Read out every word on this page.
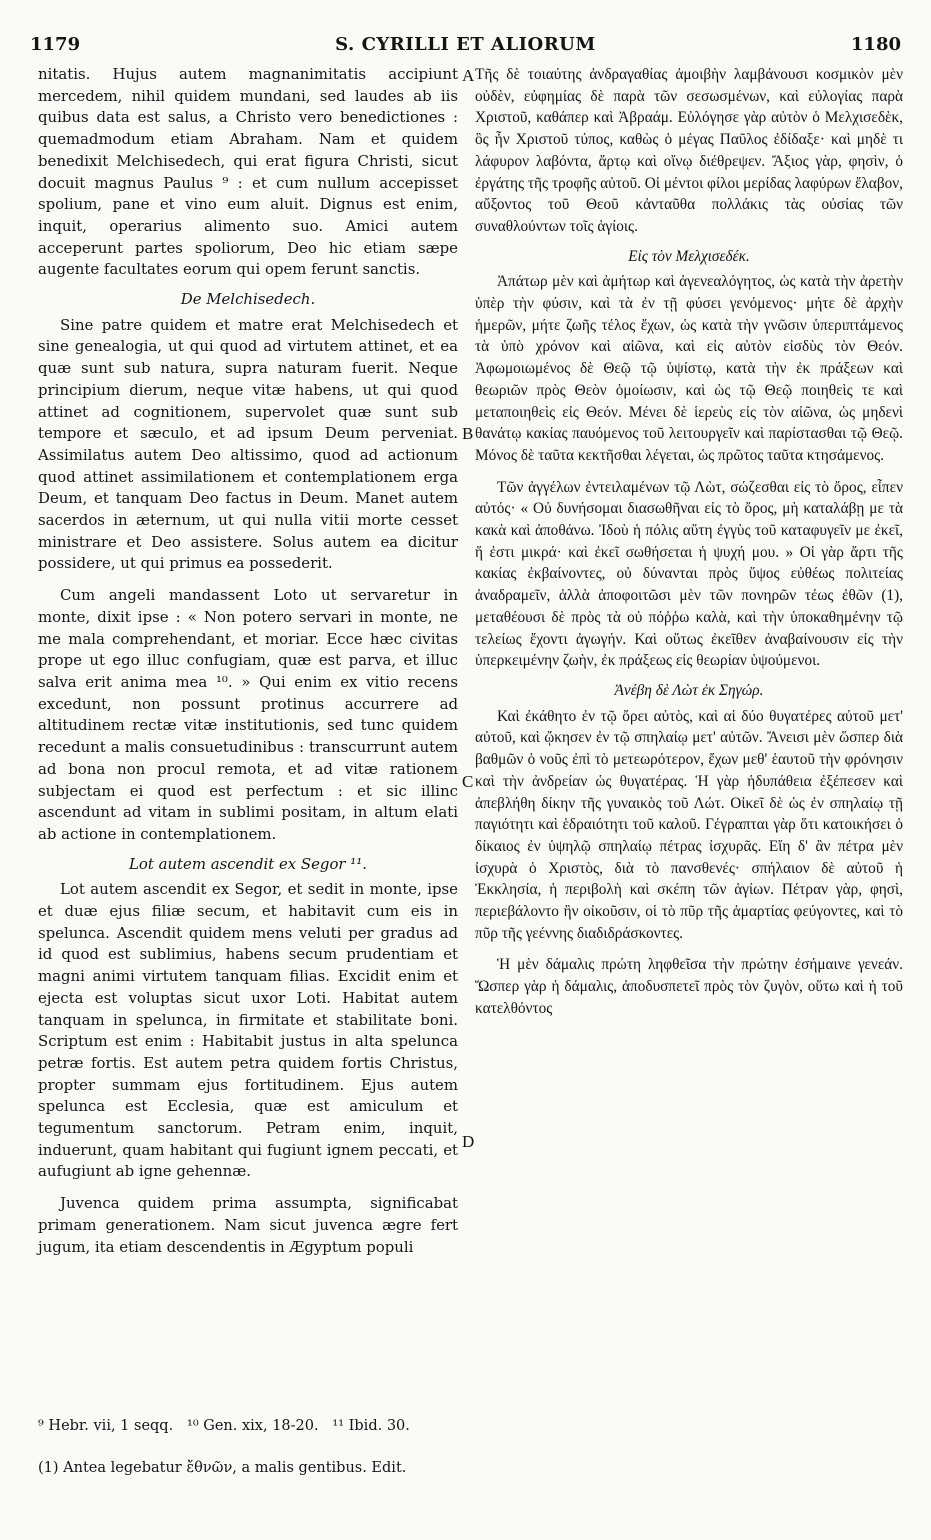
1179	S. CYRILLI ET ALIORUM	1180

nitatis. Hujus autem magnanimitatis accipiunt mercedem, nihil quidem mundani, sed laudes ab iis quibus data est salus, a Christo vero benedictiones : quemadmodum etiam Abraham. Nam et quidem benedixit Melchisedech, qui erat figura Christi, sicut docuit magnus Paulus ⁹ : et cum nullum accepisset spolium, pane et vino eum aluit. Dignus est enim, inquit, operarius alimento suo. Amici autem acceperunt partes spoliorum, Deo hic etiam sæpe augente facultates eorum qui opem ferunt sanctis.

De Melchisedech.

Sine patre quidem et matre erat Melchisedech et sine genealogia, ut qui quod ad virtutem attinet, et ea quæ sunt sub natura, supra naturam fuerit. Neque principium dierum, neque vitæ habens, ut qui quod attinet ad cognitionem, supervolet quæ sunt sub tempore et sæculo, et ad ipsum Deum perveniat. Assimilatus autem Deo altissimo, quod ad actionum quod attinet assimilationem et contemplationem erga Deum, et tanquam Deo factus in Deum. Manet autem sacerdos in æternum, ut qui nulla vitii morte cesset ministrare et Deo assistere. Solus autem ea dicitur possidere, ut qui primus ea possederit.

Cum angeli mandassent Loto ut servaretur in monte, dixit ipse : « Non potero servari in monte, ne me mala comprehendant, et moriar. Ecce hæc civitas prope ut ego illuc confugiam, quæ est parva, et illuc salva erit anima mea ¹⁰. » Qui enim ex vitio recens excedunt, non possunt protinus accurrere ad altitudinem rectæ vitæ institutionis, sed tunc quidem recedunt a malis consuetudinibus : transcurrunt autem ad bona non procul remota, et ad vitæ rationem subjectam ei quod est perfectum : et sic illinc ascendunt ad vitam in sublimi positam, in altum elati ab actione in contemplationem.

Lot autem ascendit ex Segor ¹¹.

Lot autem ascendit ex Segor, et sedit in monte, ipse et duæ ejus filiæ secum, et habitavit cum eis in spelunca. Ascendit quidem mens veluti per gradus ad id quod est sublimius, habens secum prudentiam et magni animi virtutem tanquam filias. Excidit enim et ejecta est voluptas sicut uxor Loti. Habitat autem tanquam in spelunca, in firmitate et stabilitate boni. Scriptum est enim : Habitabit justus in alta spelunca petræ fortis. Est autem petra quidem fortis Christus, propter summam ejus fortitudinem. Ejus autem spelunca est Ecclesia, quæ est amiculum et tegumentum sanctorum. Petram enim, inquit, induerunt, quam habitant qui fugiunt ignem peccati, et aufugiunt ab igne gehennæ.

Juvenca quidem prima assumpta, significabat primam generationem. Nam sicut juvenca ægre fert jugum, ita etiam descendentis in Ægyptum populi

A
B
C
D

Τῆς δὲ τοιαύτης ἀνδραγαθίας ἀμοιβὴν λαμβάνουσι κοσμικὸν μὲν οὐδὲν, εὐφημίας δὲ παρὰ τῶν σεσωσμένων, καὶ εὐλογίας παρὰ Χριστοῦ, καθάπερ καὶ Ἀβραάμ. Εὐλόγησε γὰρ αὐτὸν ὁ Μελχισεδὲκ, ὃς ἦν Χριστοῦ τύπος, καθὼς ὁ μέγας Παῦλος ἐδίδαξε· καὶ μηδὲ τι λάφυρον λαβόντα, ἄρτῳ καὶ οἴνῳ διέθρεψεν. Ἄξιος γὰρ, φησὶν, ὁ ἐργάτης τῆς τροφῆς αὐτοῦ. Οἱ μέντοι φίλοι μερίδας λαφύρων ἔλαβον, αὔξοντος τοῦ Θεοῦ κἀνταῦθα πολλάκις τὰς οὐσίας τῶν συναθλούντων τοῖς ἁγίοις.

Εἰς τὸν Μελχισεδέκ.

Ἀπάτωρ μὲν καὶ ἀμήτωρ καὶ ἀγενεαλόγητος, ὡς κατὰ τὴν ἀρετὴν ὑπὲρ τὴν φύσιν, καὶ τὰ ἐν τῇ φύσει γενόμενος· μήτε δὲ ἀρχὴν ἡμερῶν, μήτε ζωῆς τέλος ἔχων, ὡς κατὰ τὴν γνῶσιν ὑπεριπτάμενος τὰ ὑπὸ χρόνον καὶ αἰῶνα, καὶ εἰς αὐτὸν εἰσδὺς τὸν Θεόν. Ἀφωμοιωμένος δὲ Θεῷ τῷ ὑψίστῳ, κατὰ τὴν ἐκ πράξεων καὶ θεωριῶν πρὸς Θεὸν ὁμοίωσιν, καὶ ὡς τῷ Θεῷ ποιηθεὶς τε καὶ μεταποιηθεὶς εἰς Θεόν. Μένει δὲ ἱερεὺς εἰς τὸν αἰῶνα, ὡς μηδενὶ θανάτῳ κακίας παυόμενος τοῦ λειτουργεῖν καὶ παρίστασθαι τῷ Θεῷ. Μόνος δὲ ταῦτα κεκτῆσθαι λέγεται, ὡς πρῶτος ταῦτα κτησάμενος.

Τῶν ἀγγέλων ἐντειλαμένων τῷ Λὼτ, σώζεσθαι εἰς τὸ ὄρος, εἶπεν αὐτός· « Οὐ δυνήσομαι διασωθῆναι εἰς τὸ ὄρος, μὴ καταλάβῃ με τὰ κακὰ καὶ ἀποθάνω. Ἰδοὺ ἡ πόλις αὕτη ἐγγὺς τοῦ καταφυγεῖν με ἐκεῖ, ἥ ἐστι μικρά· καὶ ἐκεῖ σωθήσεται ἡ ψυχή μου. » Οἱ γὰρ ἄρτι τῆς κακίας ἐκβαίνοντες, οὐ δύνανται πρὸς ὕψος εὐθέως πολιτείας ἀναδραμεῖν, ἀλλὰ ἀποφοιτῶσι μὲν τῶν πονηρῶν τέως ἐθῶν (1), μεταθέουσι δὲ πρὸς τὰ οὐ πόῤῥω καλὰ, καὶ τὴν ὑποκαθημένην τῷ τελείως ἔχοντι ἀγωγήν. Καὶ οὕτως ἐκεῖθεν ἀναβαίνουσιν εἰς τὴν ὑπερκειμένην ζωὴν, ἐκ πράξεως εἰς θεωρίαν ὑψούμενοι.

Ἀνέβη δὲ Λὼτ ἐκ Σηγώρ.

Καὶ ἐκάθητο ἐν τῷ ὄρει αὐτὸς, καὶ αἱ δύο θυγατέρες αὐτοῦ μετ' αὐτοῦ, καὶ ᾤκησεν ἐν τῷ σπηλαίῳ μετ' αὐτῶν. Ἄνεισι μὲν ὥσπερ διὰ βαθμῶν ὁ νοῦς ἐπὶ τὸ μετεωρότερον, ἔχων μεθ' ἑαυτοῦ τὴν φρόνησιν καὶ τὴν ἀνδρείαν ὡς θυγατέρας. Ἡ γὰρ ἡδυπάθεια ἐξέπεσεν καὶ ἀπεβλήθη δίκην τῆς γυναικὸς τοῦ Λώτ. Οἰκεῖ δὲ ὡς ἐν σπηλαίῳ τῇ παγιότητι καὶ ἑδραιότητι τοῦ καλοῦ. Γέγραπται γὰρ ὅτι κατοικήσει ὁ δίκαιος ἐν ὑψηλῷ σπηλαίῳ πέτρας ἰσχυρᾶς. Εἴη δ' ἂν πέτρα μὲν ἰσχυρὰ ὁ Χριστὸς, διὰ τὸ πανσθενές· σπήλαιον δὲ αὐτοῦ ἡ Ἐκκλησία, ἡ περιβολὴ καὶ σκέπη τῶν ἁγίων. Πέτραν γὰρ, φησὶ, περιεβάλοντο ἣν οἰκοῦσιν, οἱ τὸ πῦρ τῆς ἁμαρτίας φεύγοντες, καὶ τὸ πῦρ τῆς γεέννης διαδιδράσκοντες.

Ἡ μὲν δάμαλις πρώτη ληφθεῖσα τὴν πρώτην ἐσήμαινε γενεάν. Ὥσπερ γὰρ ἡ δάμαλις, ἀποδυσπετεῖ πρὸς τὸν ζυγὸν, οὕτω καὶ ἡ τοῦ κατελθόντος

⁹ Hebr. vii, 1 seqq.   ¹⁰ Gen. xix, 18-20.   ¹¹ Ibid. 30.
(1) Antea legebatur ἔθνῶν, a malis gentibus. Edit.
